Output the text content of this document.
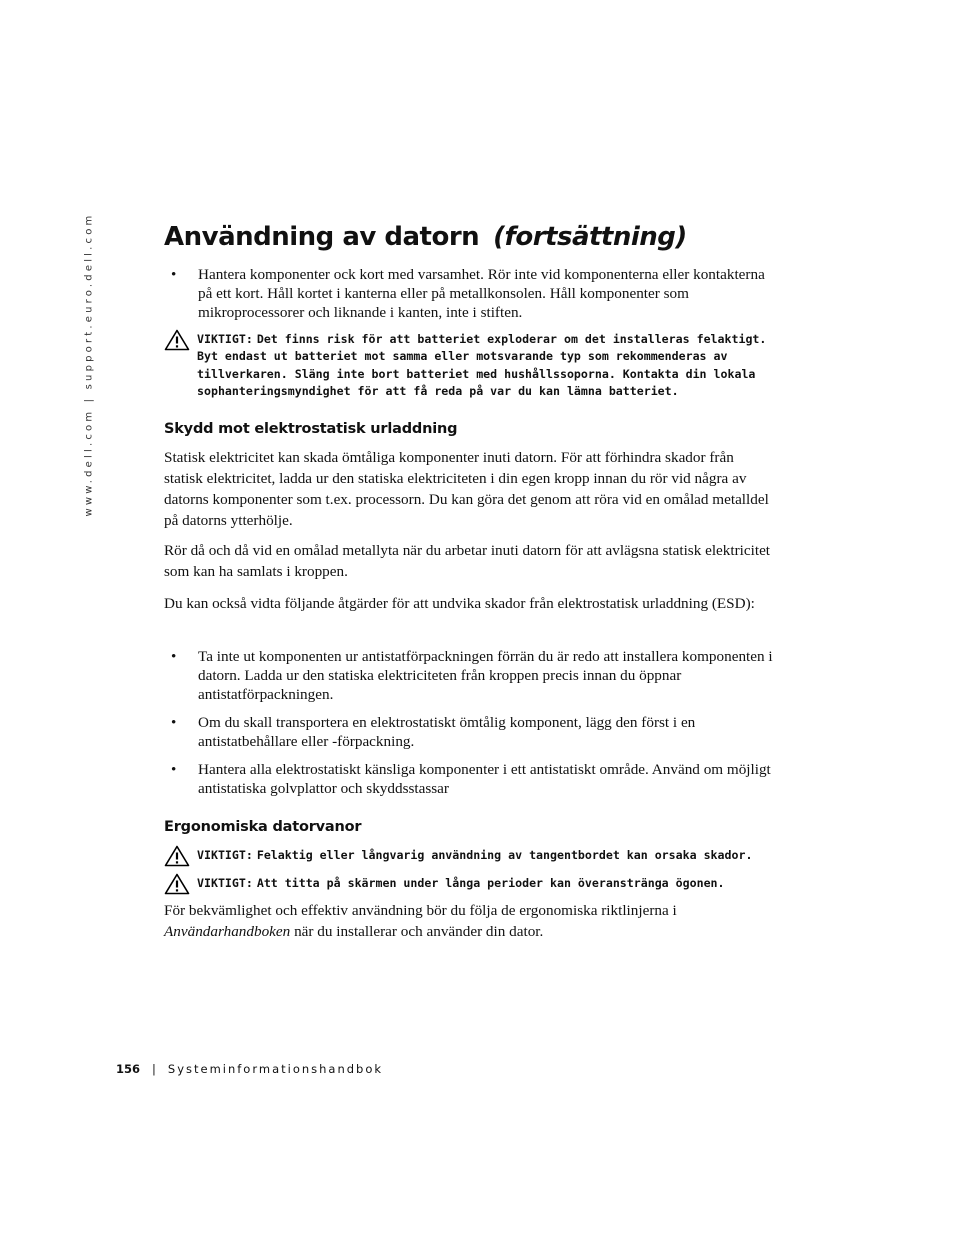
www.dell.com | support.euro.dell.com	Användning av datorn (fortsättning)
• Hantera komponenter ock kort med varsamhet. Rör inte vid komponenterna eller kontakterna på ett kort. Håll kortet i kanterna eller på metallkonsolen. Håll komponenter som mikroprocessorer och liknande i kanten, inte i stiften.

VIKTIGT: Det finns risk för att batteriet exploderar om det installeras felaktigt. Byt endast ut batteriet mot samma eller motsvarande typ som rekommenderas av tillverkaren. Släng inte bort batteriet med hushållssoporna. Kontakta din lokala sophanteringsmyndighet för att få reda på var du kan lämna batteriet.

Skydd mot elektrostatisk urladdning

Statisk elektricitet kan skada ömtåliga komponenter inuti datorn. För att förhindra skador från statisk elektricitet, ladda ur den statiska elektriciteten i din egen kropp innan du rör vid några av datorns komponenter som t.ex. processorn. Du kan göra det genom att röra vid en omålad metalldel på datorns ytterhölje.

Rör då och då vid en omålad metallyta när du arbetar inuti datorn för att avlägsna statisk elektricitet som kan ha samlats i kroppen.

Du kan också vidta följande åtgärder för att undvika skador från elektrostatisk urladdning (ESD):

• Ta inte ut komponenten ur antistatförpackningen förrän du är redo att installera komponenten i datorn. Ladda ur den statiska elektriciteten från kroppen precis innan du öppnar antistatförpackningen.
• Om du skall transportera en elektrostatiskt ömtålig komponent, lägg den först i en antistatbehållare eller -förpackning.
• Hantera alla elektrostatiskt känsliga komponenter i ett antistatiskt område. Använd om möjligt antistatiska golvplattor och skyddsstassar
Ergonomiska datorvanor

VIKTIGT: Felaktig eller långvarig användning av tangentbordet kan orsaka skador.

VIKTIGT: Att titta på skärmen under långa perioder kan överanstränga ögonen.

För bekvämlighet och effektiv användning bör du följa de ergonomiska riktlinjerna i Användarhandboken när du installerar och använder din dator.

156 | Systeminformationshandbok
